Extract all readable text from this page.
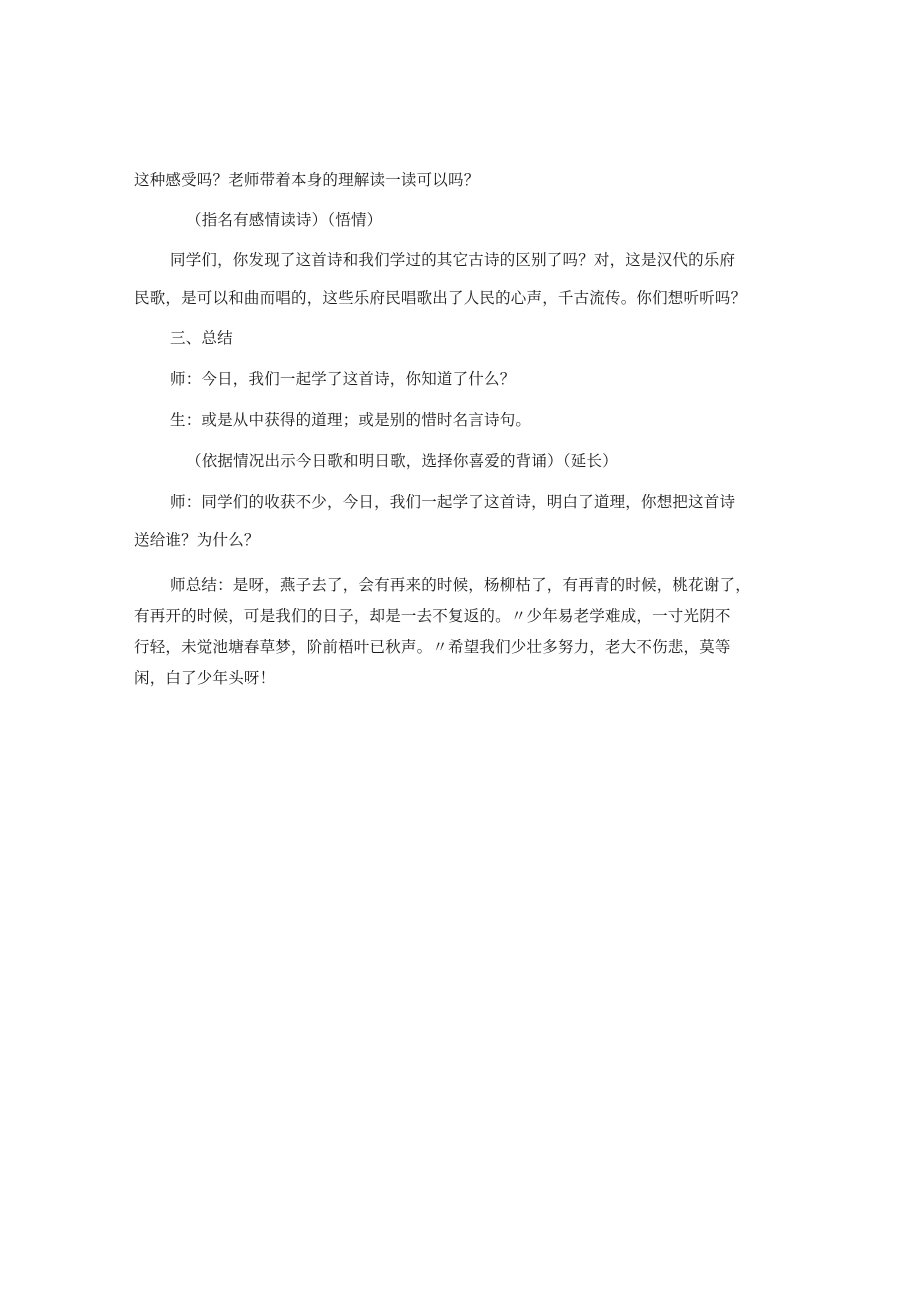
这种感受吗？老师带着本身的理解读一读可以吗？
（指名有感情读诗）（悟情）
同学们，你发现了这首诗和我们学过的其它古诗的区别了吗？对，这是汉代的乐府
民歌，是可以和曲而唱的，这些乐府民唱歌出了人民的心声，千古流传。你们想听听吗？
三、总结
师：今日，我们一起学了这首诗，你知道了什么？
生：或是从中获得的道理；或是别的惜时名言诗句。
（依据情况出示今日歌和明日歌，选择你喜爱的背诵）（延长）
师：同学们的收获不少，今日，我们一起学了这首诗，明白了道理，你想把这首诗
送给谁？为什么？
师总结：是呀，燕子去了，会有再来的时候，杨柳枯了，有再青的时候，桃花谢了，
有再开的时候，可是我们的日子，却是一去不复返的。〃少年易老学难成，一寸光阴不
行轻，未觉池塘春草梦，阶前梧叶已秋声。〃希望我们少壮多努力，老大不伤悲，莫等
闲，白了少年头呀！
